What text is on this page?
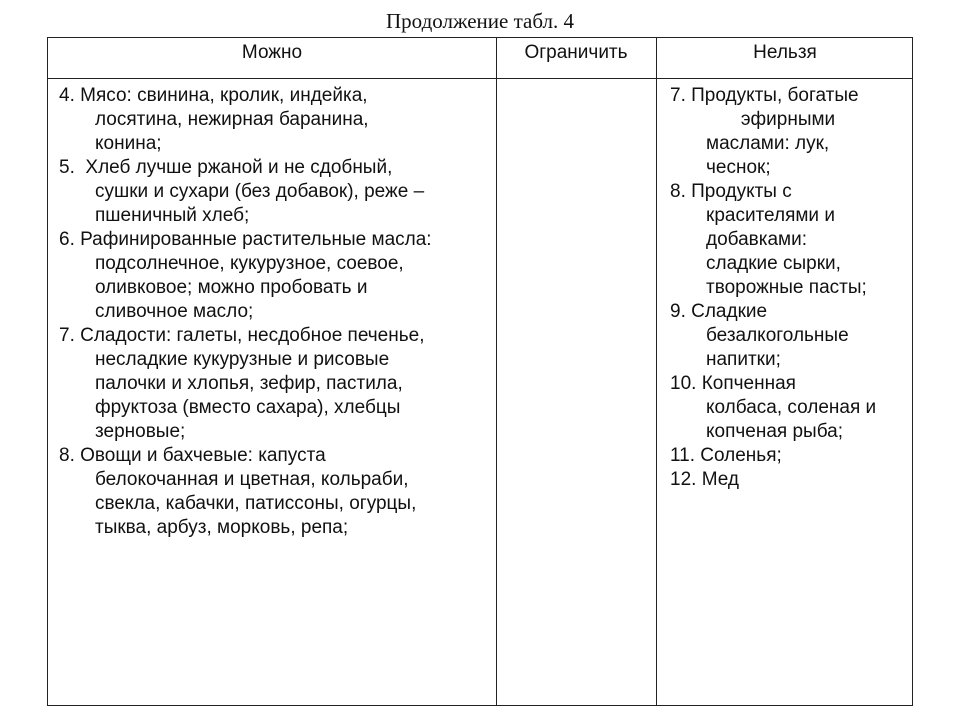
Продолжение табл. 4
Можно	Ограничить	Нельзя
4. Мясо: свинина, кролик, индейка,
лосятина, нежирная баранина,
конина;
5.  Хлеб лучше ржаной и не сдобный,
сушки и сухари (без добавок), реже –
пшеничный хлеб;
6. Рафинированные растительные масла:
подсолнечное, кукурузное, соевое,
оливковое; можно пробовать и
сливочное масло;
7. Сладости: галеты, несдобное печенье,
несладкие кукурузные и рисовые
палочки и хлопья, зефир, пастила,
фруктоза (вместо сахара), хлебцы
зерновые;
8. Овощи и бахчевые: капуста
белокочанная и цветная, кольраби,
свекла, кабачки, патиссоны, огурцы,
тыква, арбуз, морковь, репа;
7. Продукты, богатые
эфирными
маслами: лук,
чеснок;
8. Продукты с
красителями и
добавками:
сладкие сырки,
творожные пасты;
9. Сладкие
безалкогольные
напитки;
10. Копченная
колбаса, соленая и
копченая рыба;
11. Соленья;
12. Мед
